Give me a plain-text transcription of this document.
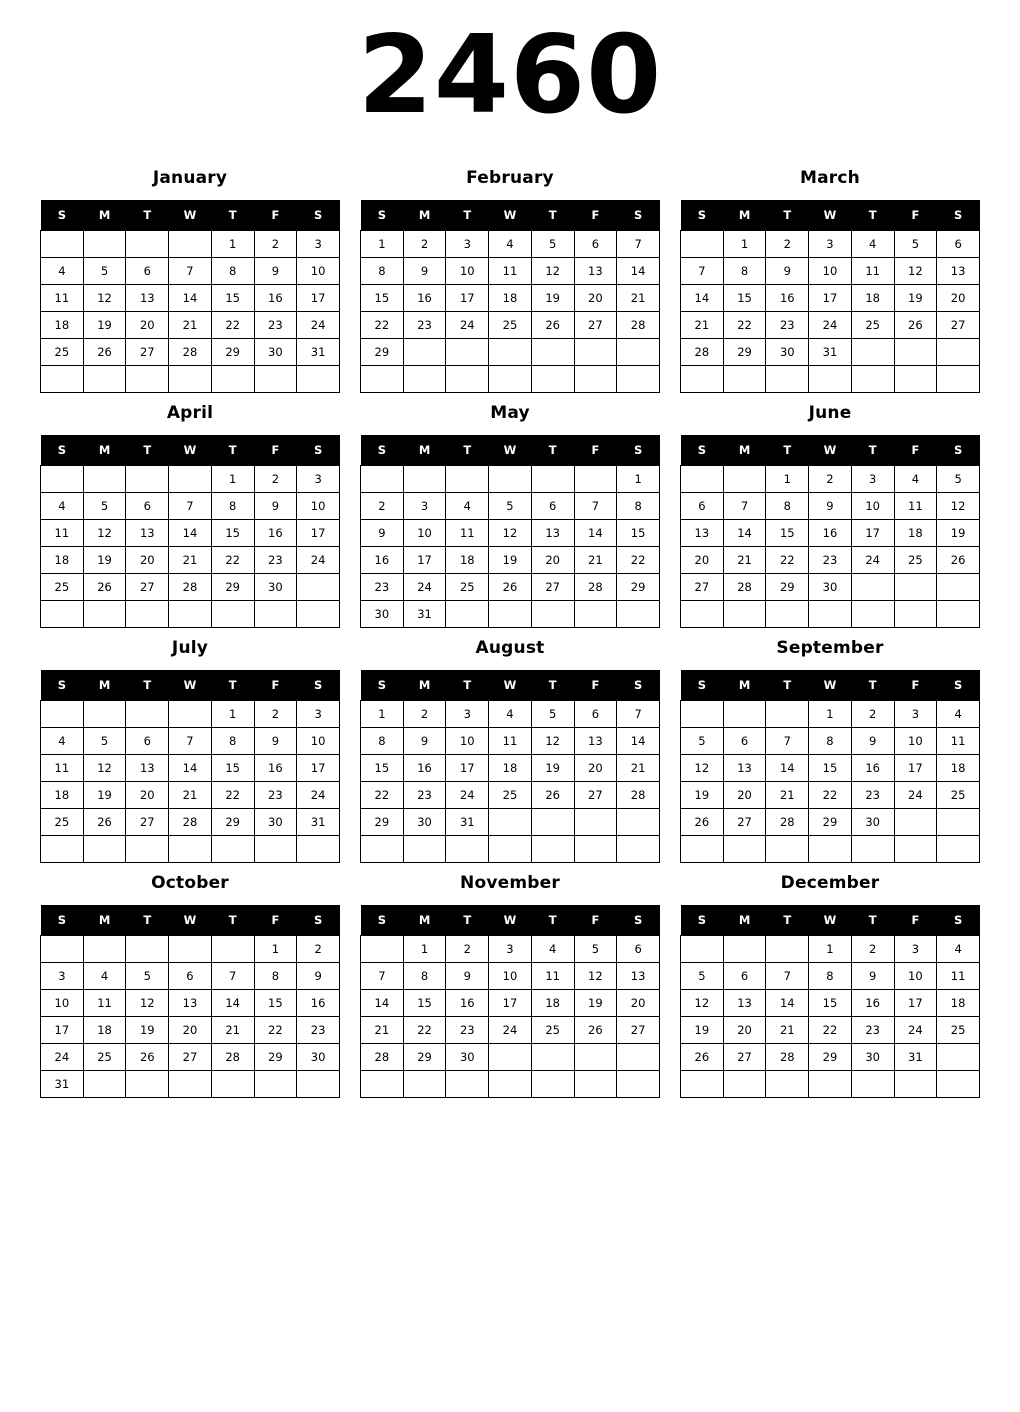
2460
January
S	M	T	W	T	F	S
				1	2	3
4	5	6	7	8	9	10
11	12	13	14	15	16	17
18	19	20	21	22	23	24
25	26	27	28	29	30	31

February
S	M	T	W	T	F	S
1	2	3	4	5	6	7
8	9	10	11	12	13	14
15	16	17	18	19	20	21
22	23	24	25	26	27	28
29						

March
S	M	T	W	T	F	S
	1	2	3	4	5	6
7	8	9	10	11	12	13
14	15	16	17	18	19	20
21	22	23	24	25	26	27
28	29	30	31			

April
S	M	T	W	T	F	S
				1	2	3
4	5	6	7	8	9	10
11	12	13	14	15	16	17
18	19	20	21	22	23	24
25	26	27	28	29	30	

May
S	M	T	W	T	F	S
						1
2	3	4	5	6	7	8
9	10	11	12	13	14	15
16	17	18	19	20	21	22
23	24	25	26	27	28	29
30	31					
June
S	M	T	W	T	F	S
		1	2	3	4	5
6	7	8	9	10	11	12
13	14	15	16	17	18	19
20	21	22	23	24	25	26
27	28	29	30			

July
S	M	T	W	T	F	S
				1	2	3
4	5	6	7	8	9	10
11	12	13	14	15	16	17
18	19	20	21	22	23	24
25	26	27	28	29	30	31

August
S	M	T	W	T	F	S
1	2	3	4	5	6	7
8	9	10	11	12	13	14
15	16	17	18	19	20	21
22	23	24	25	26	27	28
29	30	31				

September
S	M	T	W	T	F	S
			1	2	3	4
5	6	7	8	9	10	11
12	13	14	15	16	17	18
19	20	21	22	23	24	25
26	27	28	29	30		

October
S	M	T	W	T	F	S
					1	2
3	4	5	6	7	8	9
10	11	12	13	14	15	16
17	18	19	20	21	22	23
24	25	26	27	28	29	30
31						
November
S	M	T	W	T	F	S
	1	2	3	4	5	6
7	8	9	10	11	12	13
14	15	16	17	18	19	20
21	22	23	24	25	26	27
28	29	30				

December
S	M	T	W	T	F	S
			1	2	3	4
5	6	7	8	9	10	11
12	13	14	15	16	17	18
19	20	21	22	23	24	25
26	27	28	29	30	31	
